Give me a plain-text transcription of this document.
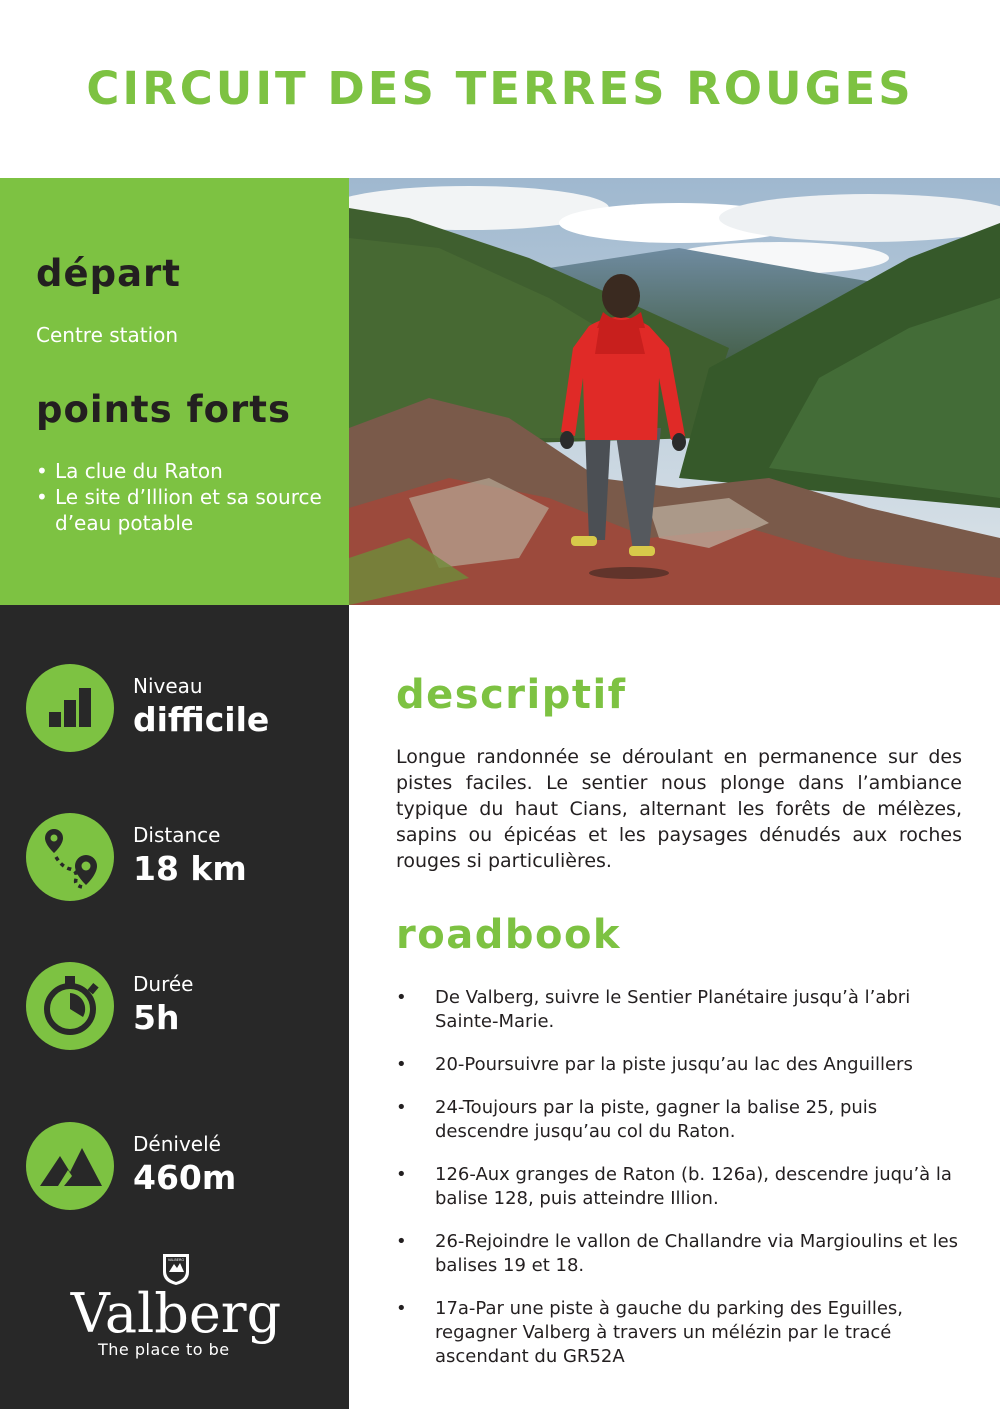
CIRCUIT DES TERRES ROUGES
départ

Centre station

points forts
• La clue du Raton
• Le site d’Illion et sa source d’eau potable

Niveau

difficile

Distance

18 km

Durée

5h

Dénivelé

460m

VALBERG

Valberg

The place to be

descriptif

Longue randonnée se déroulant en permanence sur des pistes faciles. Le sentier nous plonge dans l’ambiance typique du haut Cians, alternant les forêts de mélèzes, sapins ou épicéas et les paysages dénudés aux roches rouges si particulières.

roadbook
• De Valberg, suivre le Sentier Planétaire jusqu’à l’abri Sainte-Marie.
• 20-Poursuivre par la piste jusqu’au lac des Anguillers
• 24-Toujours par la piste, gagner la balise 25, puis descendre jusqu’au col du Raton.
• 126-Aux granges de Raton (b. 126a), descendre juqu’à la balise 128, puis atteindre Illion.
• 26-Rejoindre le vallon de Challandre via Margioulins et les balises 19 et 18.
• 17a-Par une piste à gauche du parking des Eguilles, regagner Valberg à travers un mélézin par le tracé ascendant du GR52A
